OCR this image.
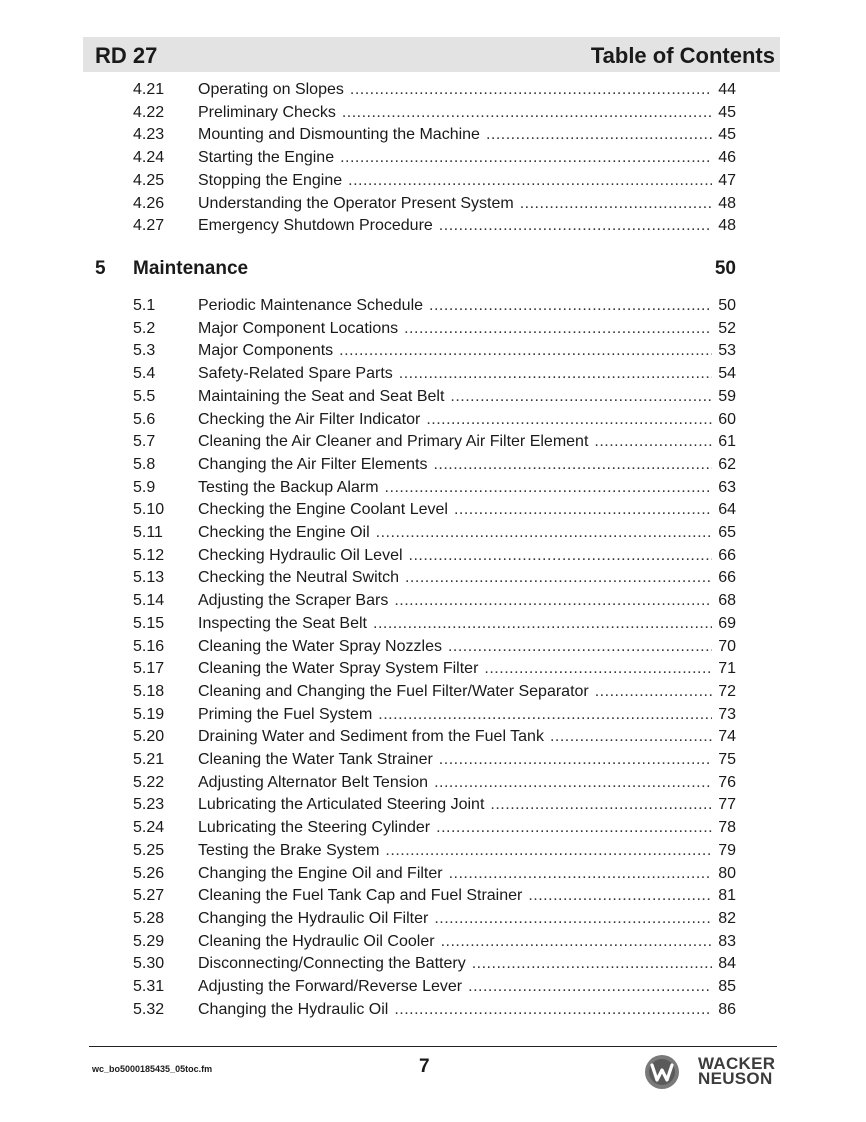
RD 27	Table of Contents
4.21 Operating on Slopes .....	44
4.22 Preliminary Checks .....	45
4.23 Mounting and Dismounting the Machine .....	45
4.24 Starting the Engine .....	46
4.25 Stopping the Engine .....	47
4.26 Understanding the Operator Present System .....	48
4.27 Emergency Shutdown Procedure .....	48
5 Maintenance	50
5.1	Periodic Maintenance Schedule .....	50
5.2	Major Component Locations .....	52
5.3	Major Components .....	53
5.4	Safety-Related Spare Parts .....	54
5.5	Maintaining the Seat and Seat Belt .....	59
5.6	Checking the Air Filter Indicator .....	60
5.7	Cleaning the Air Cleaner and Primary Air Filter Element .....	61
5.8	Changing the Air Filter Elements .....	62
5.9	Testing the Backup Alarm .....	63
5.10 Checking the Engine Coolant Level .....	64
5.11 Checking the Engine Oil .....	65
5.12 Checking Hydraulic Oil Level .....	66
5.13 Checking the Neutral Switch .....	66
5.14 Adjusting the Scraper Bars .....	68
5.15 Inspecting the Seat Belt .....	69
5.16 Cleaning the Water Spray Nozzles .....	70
5.17 Cleaning the Water Spray System Filter .....	71
5.18 Cleaning and Changing the Fuel Filter/Water Separator .....	72
5.19 Priming the Fuel System .....	73
5.20 Draining Water and Sediment from the Fuel Tank .....	74
5.21 Cleaning the Water Tank Strainer .....	75
5.22 Adjusting Alternator Belt Tension .....	76
5.23 Lubricating the Articulated Steering Joint .....	77
5.24 Lubricating the Steering Cylinder .....	78
5.25 Testing the Brake System .....	79
5.26 Changing the Engine Oil and Filter .....	80
5.27 Cleaning the Fuel Tank Cap and Fuel Strainer .....	81
5.28 Changing the Hydraulic Oil Filter .....	82
5.29 Cleaning the Hydraulic Oil Cooler .....	83
5.30 Disconnecting/Connecting the Battery .....	84
5.31 Adjusting the Forward/Reverse Lever .....	85
5.32 Changing the Hydraulic Oil .....	86
wc_bo5000185435_05toc.fm	7	WACKER
NEUSON
